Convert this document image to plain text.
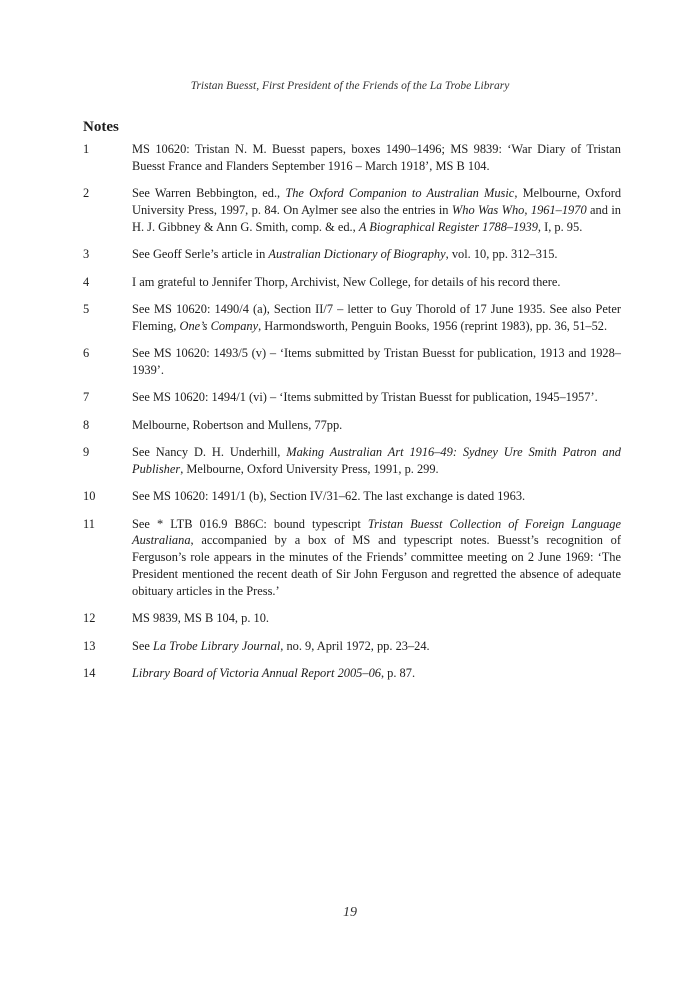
Tristan Buesst, First President of the Friends of the La Trobe Library
Notes
1	MS 10620: Tristan N. M. Buesst papers, boxes 1490–1496; MS 9839: ‘War Diary of Tristan Buesst France and Flanders September 1916 – March 1918’, MS B 104.
2	See Warren Bebbington, ed., The Oxford Companion to Australian Music, Melbourne, Oxford University Press, 1997, p. 84. On Aylmer see also the entries in Who Was Who, 1961–1970 and in H. J. Gibbney & Ann G. Smith, comp. & ed., A Biographical Register 1788–1939, I, p. 95.
3	See Geoff Serle’s article in Australian Dictionary of Biography, vol. 10, pp. 312–315.
4	I am grateful to Jennifer Thorp, Archivist, New College, for details of his record there.
5	See MS 10620: 1490/4 (a), Section II/7 – letter to Guy Thorold of 17 June 1935. See also Peter Fleming, One’s Company, Harmondsworth, Penguin Books, 1956 (reprint 1983), pp. 36, 51–52.
6	See MS 10620: 1493/5 (v) – ‘Items submitted by Tristan Buesst for publication, 1913 and 1928–1939’.
7	See MS 10620: 1494/1 (vi) – ‘Items submitted by Tristan Buesst for publication, 1945–1957’.
8	Melbourne, Robertson and Mullens, 77pp.
9	See Nancy D. H. Underhill, Making Australian Art 1916–49: Sydney Ure Smith Patron and Publisher, Melbourne, Oxford University Press, 1991, p. 299.
10	See MS 10620: 1491/1 (b), Section IV/31–62. The last exchange is dated 1963.
11	See * LTB 016.9 B86C: bound typescript Tristan Buesst Collection of Foreign Language Australiana, accompanied by a box of MS and typescript notes. Buesst’s recognition of Ferguson’s role appears in the minutes of the Friends’ committee meeting on 2 June 1969: ‘The President mentioned the recent death of Sir John Ferguson and regretted the absence of adequate obituary articles in the Press.’
12	MS 9839, MS B 104, p. 10.
13	See La Trobe Library Journal, no. 9, April 1972, pp. 23–24.
14	Library Board of Victoria Annual Report 2005–06, p. 87.
19
